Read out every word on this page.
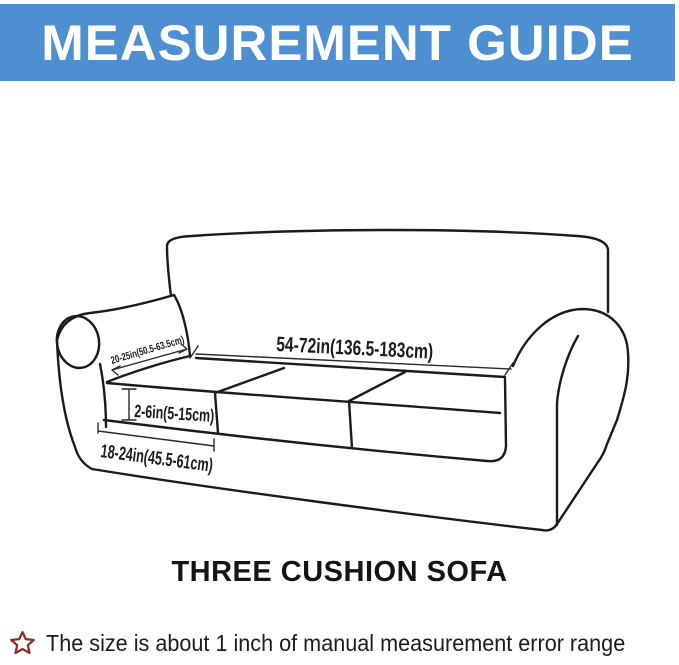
MEASUREMENT GUIDE
54-72in(136.5-183cm)
20-25in(50.5-63.5cm)
2-6in(5-15cm)
18-24in(45.5-61cm)
THREE CUSHION SOFA
The size is about 1 inch of manual measurement error range
